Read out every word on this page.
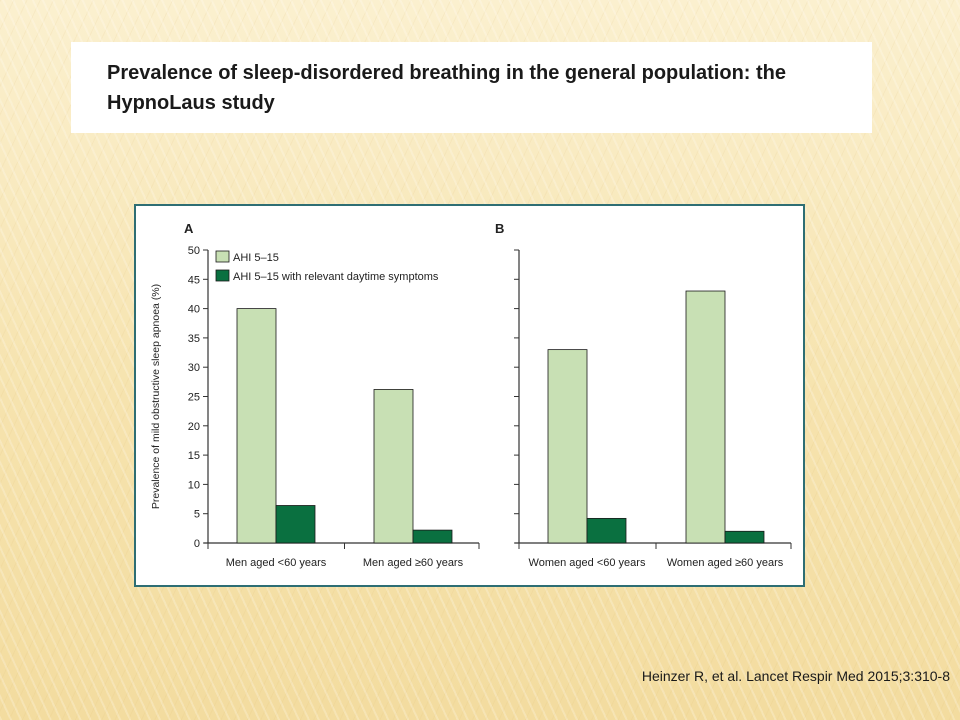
Prevalence of sleep-disordered breathing in the general population: the HypnoLaus study
A
0
5
10
15
20
25
30
35
40
45
50
Men aged <60 years	Men aged ≥60 years
Prevalence of mild obstructive sleep apnoea (%)
AHI 5–15
AHI 5–15 with relevant daytime symptoms
B
Women aged <60 years Women aged ≥60 years
Heinzer R, et al. Lancet Respir Med 2015;3:310-8
